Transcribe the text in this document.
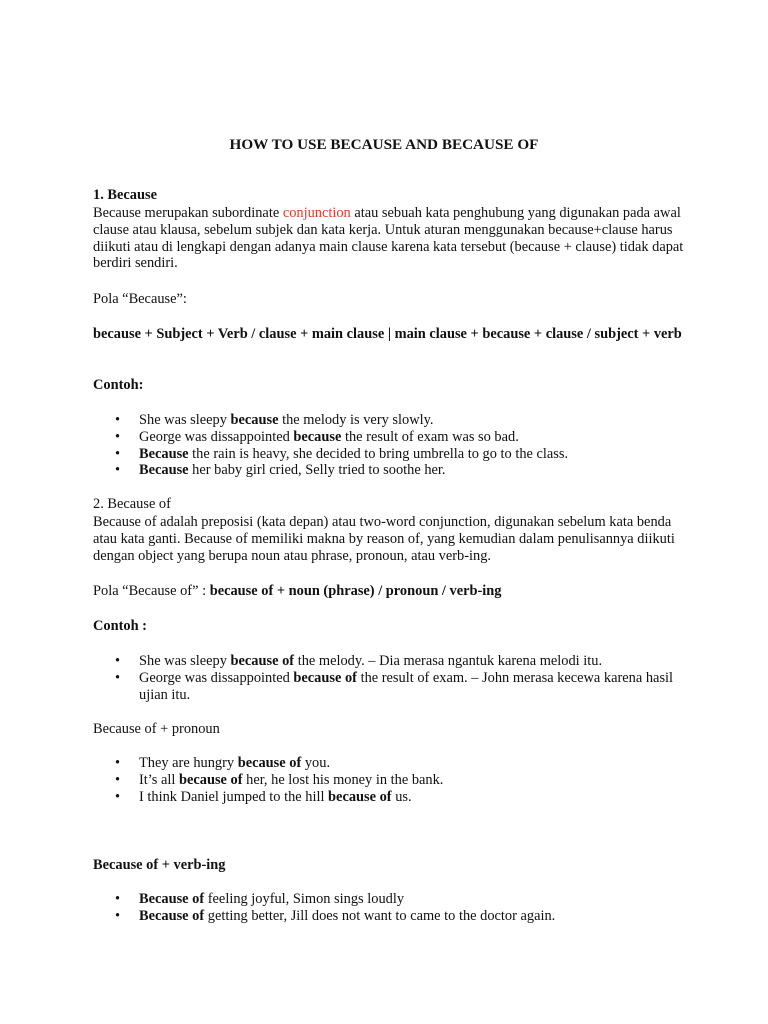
HOW TO USE BECAUSE AND BECAUSE OF
1. Because

Because merupakan subordinate conjunction atau sebuah kata penghubung yang digunakan pada awal clause atau klausa, sebelum subjek dan kata kerja. Untuk aturan menggunakan because+clause harus diikuti atau di lengkapi dengan adanya main clause karena kata tersebut (because + clause) tidak dapat berdiri sendiri.

Pola “Because”:

because + Subject + Verb / clause + main clause | main clause + because + clause / subject + verb

Contoh:

• She was sleepy because the melody is very slowly.
• George was dissappointed because the result of exam was so bad.
• Because the rain is heavy, she decided to bring umbrella to go to the class.
• Because her baby girl cried, Selly tried to soothe her.

2. Because of

Because of adalah preposisi (kata depan) atau two-word conjunction, digunakan sebelum kata benda atau kata ganti. Because of memiliki makna by reason of, yang kemudian dalam penulisannya diikuti dengan object yang berupa noun atau phrase, pronoun, atau verb-ing.

Pola “Because of” : because of + noun (phrase) / pronoun / verb-ing

Contoh :

• She was sleepy because of the melody. – Dia merasa ngantuk karena melodi itu.
• George was dissappointed because of the result of exam. – John merasa kecewa karena hasil ujian itu.

Because of + pronoun

• They are hungry because of you.
• It’s all because of her, he lost his money in the bank.
• I think Daniel jumped to the hill because of us.

Because of + verb-ing

• Because of feeling joyful, Simon sings loudly
• Because of getting better, Jill does not want to came to the doctor again.
